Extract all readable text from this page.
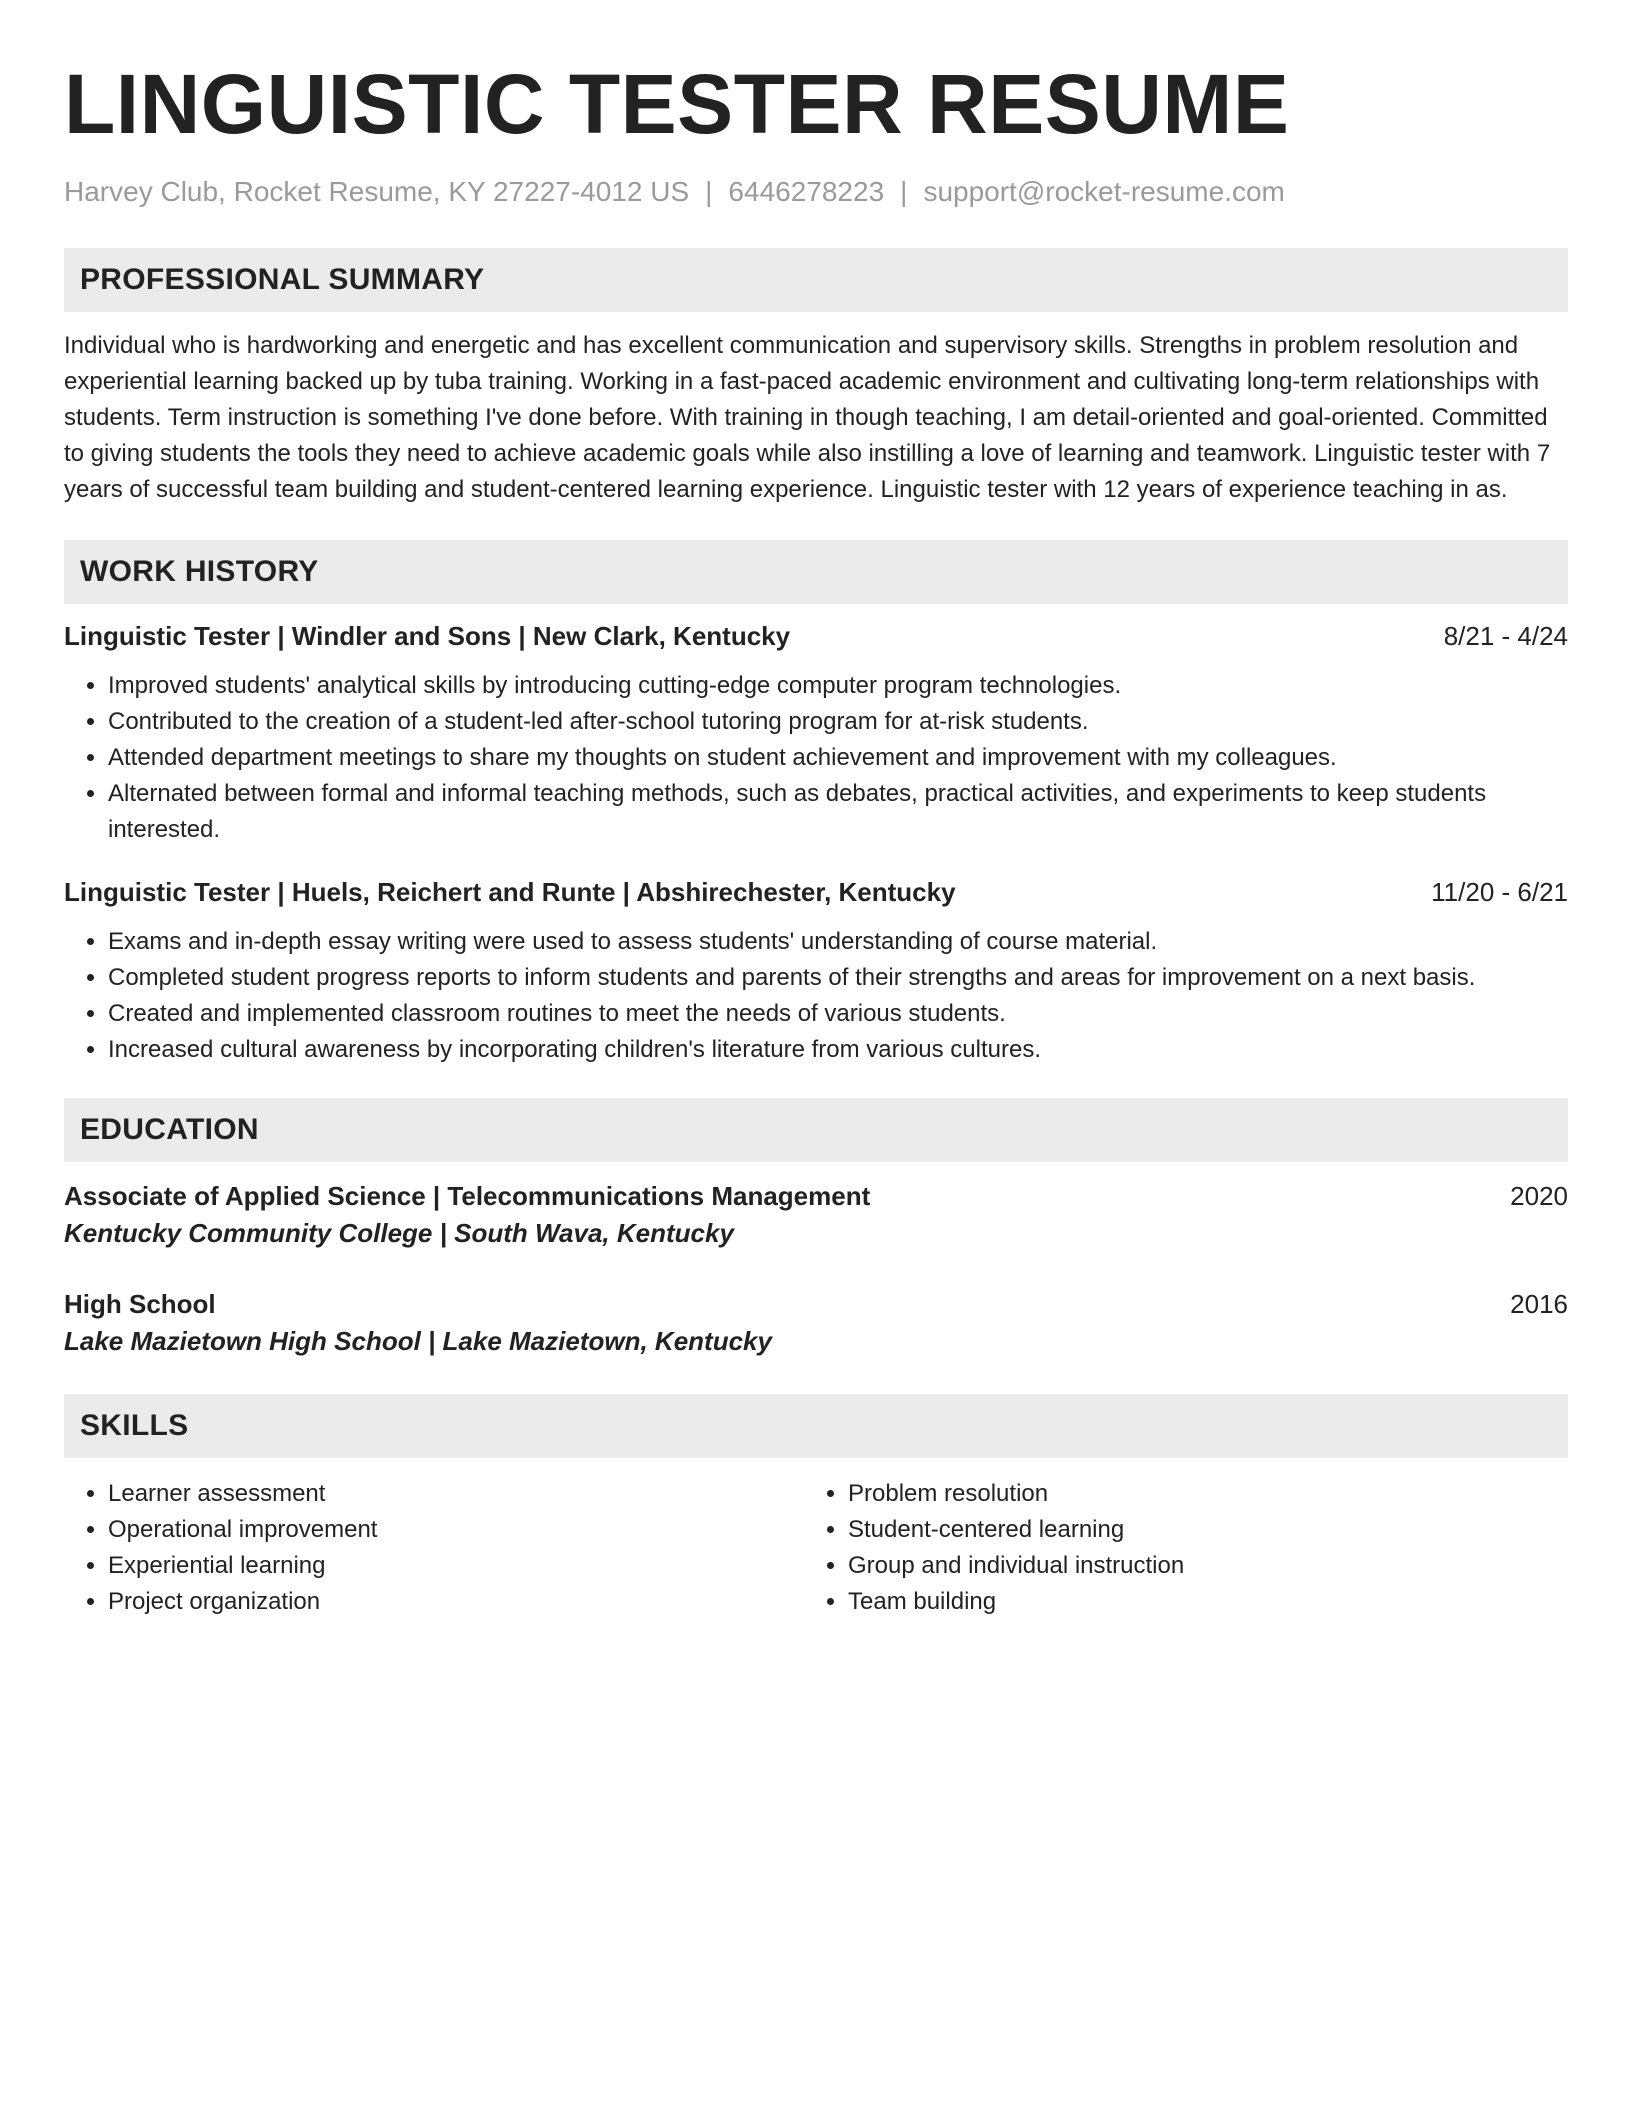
LINGUISTIC TESTER RESUME
Harvey Club, Rocket Resume, KY 27227-4012 US | 6446278223 | support@rocket-resume.com
PROFESSIONAL SUMMARY
Individual who is hardworking and energetic and has excellent communication and supervisory skills. Strengths in problem resolution and experiential learning backed up by tuba training. Working in a fast-paced academic environment and cultivating long-term relationships with students. Term instruction is something I've done before. With training in though teaching, I am detail-oriented and goal-oriented. Committed to giving students the tools they need to achieve academic goals while also instilling a love of learning and teamwork. Linguistic tester with 7 years of successful team building and student-centered learning experience. Linguistic tester with 12 years of experience teaching in as.
WORK HISTORY
Linguistic Tester | Windler and Sons | New Clark, Kentucky	8/21 - 4/24
• Improved students' analytical skills by introducing cutting-edge computer program technologies.
• Contributed to the creation of a student-led after-school tutoring program for at-risk students.
• Attended department meetings to share my thoughts on student achievement and improvement with my colleagues.
• Alternated between formal and informal teaching methods, such as debates, practical activities, and experiments to keep students interested.
Linguistic Tester | Huels, Reichert and Runte | Abshirechester, Kentucky	11/20 - 6/21
• Exams and in-depth essay writing were used to assess students' understanding of course material.
• Completed student progress reports to inform students and parents of their strengths and areas for improvement on a next basis.
• Created and implemented classroom routines to meet the needs of various students.
• Increased cultural awareness by incorporating children's literature from various cultures.
EDUCATION
Associate of Applied Science | Telecommunications Management	2020
Kentucky Community College | South Wava, Kentucky
High School	2016
Lake Mazietown High School | Lake Mazietown, Kentucky
SKILLS
• Learner assessment
• Operational improvement
• Experiential learning
• Project organization
• Problem resolution
• Student-centered learning
• Group and individual instruction
• Team building
